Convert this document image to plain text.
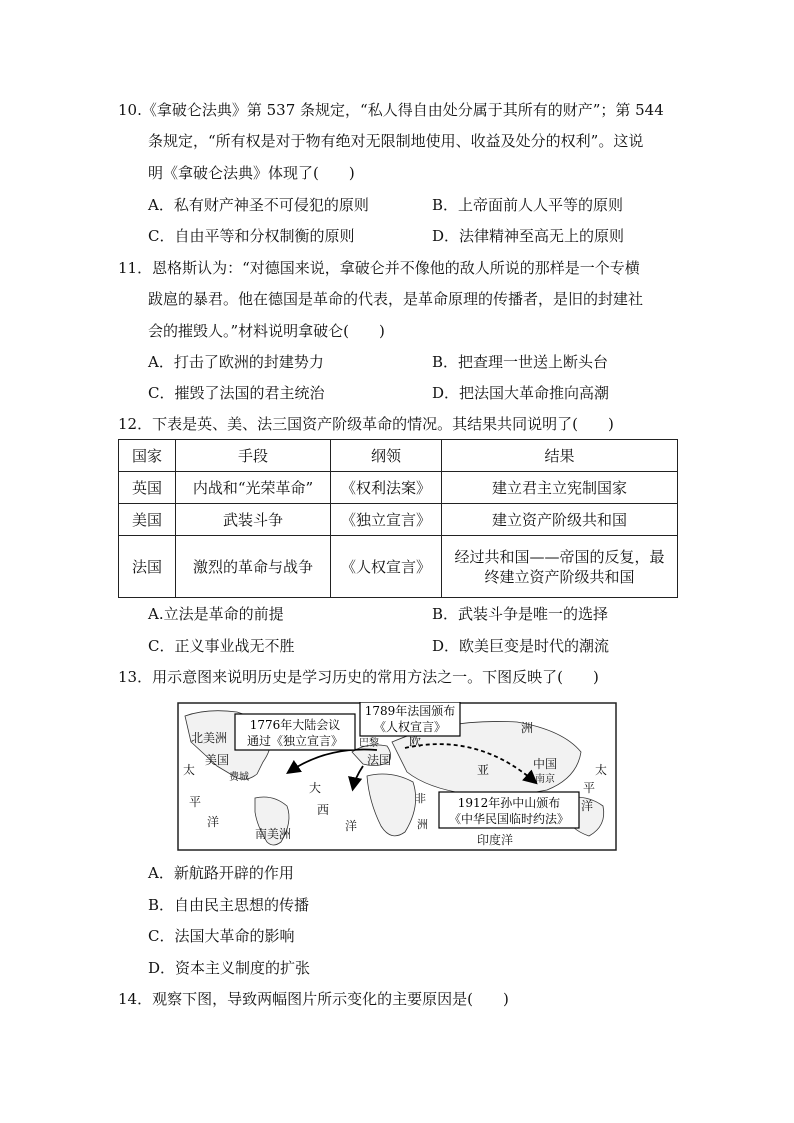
10.《拿破仑法典》第 537 条规定，“私人得自由处分属于其所有的财产”；第 544
条规定，“所有权是对于物有绝对无限制地使用、收益及处分的权利”。这说
明《拿破仑法典》体现了(　　)
A．私有财产神圣不可侵犯的原则	B．上帝面前人人平等的原则
C．自由平等和分权制衡的原则	D．法律精神至高无上的原则
11．恩格斯认为：“对德国来说，拿破仑并不像他的敌人所说的那样是一个专横
跋扈的暴君。他在德国是革命的代表，是革命原理的传播者，是旧的封建社
会的摧毁人。”材料说明拿破仑(　　)
A．打击了欧洲的封建势力	B．把查理一世送上断头台
C．摧毁了法国的君主统治	D．把法国大革命推向高潮
12．下表是英、美、法三国资产阶级革命的情况。其结果共同说明了(　　)
国家	手段	纲领	结果
英国	内战和“光荣革命”	《权利法案》	建立君主立宪制国家
美国	武装斗争	《独立宣言》	建立资产阶级共和国
法国	激烈的革命与战争	《人权宣言》	经过共和国——帝国的反复，最
终建立资产阶级共和国
A.立法是革命的前提	B．武装斗争是唯一的选择
C．正义事业战无不胜	D．欧美巨变是时代的潮流
13．用示意图来说明历史是学习历史的常用方法之一。下图反映了(　　)
1776年大陆会议
通过《独立宣言》
1789年法国颁布
《人权宣言》
1912年孙中山颁布
《中华民国临时约法》
北美洲
美国
费城
巴黎
法国
欧
亚
非
洲
洲
中国
南京
南美洲	印度洋
太
平
洋
大
西
洋
太
平
洋
A．新航路开辟的作用
B．自由民主思想的传播
C．法国大革命的影响
D．资本主义制度的扩张
14．观察下图，导致两幅图片所示变化的主要原因是(　　)
